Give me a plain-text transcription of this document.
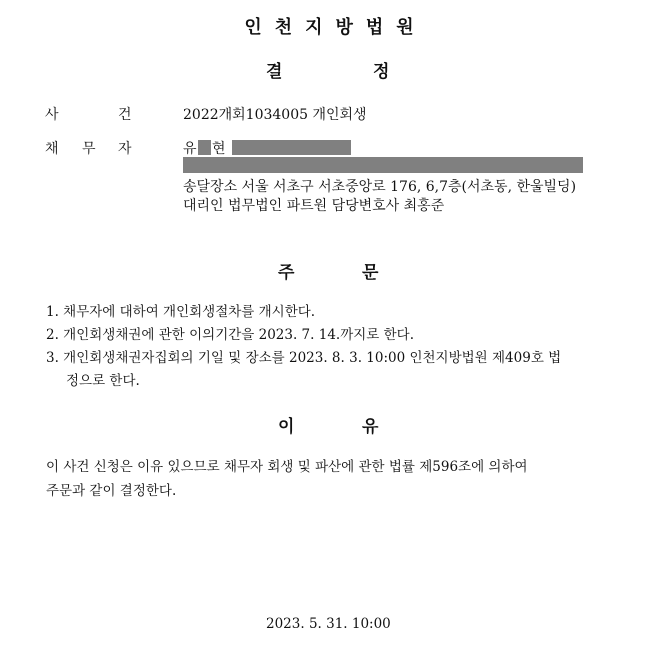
인천지방법원
결	정
사	건	2022개회1034005 개인회생
채 무 자	유 현
송달장소 서울 서초구 서초중앙로 176, 6,7층(서초동, 한울빌딩)
대리인 법무법인 파트원 담당변호사 최홍준
주	문
1. 채무자에 대하여 개인회생절차를 개시한다.
2. 개인회생채권에 관한 이의기간을 2023. 7. 14.까지로 한다.
3. 개인회생채권자집회의 기일 및 장소를 2023. 8. 3. 10:00 인천지방법원 제409호 법
정으로 한다.
이	유
이 사건 신청은 이유 있으므로 채무자 회생 및 파산에 관한 법률 제596조에 의하여
주문과 같이 결정한다.
2023. 5. 31. 10:00
